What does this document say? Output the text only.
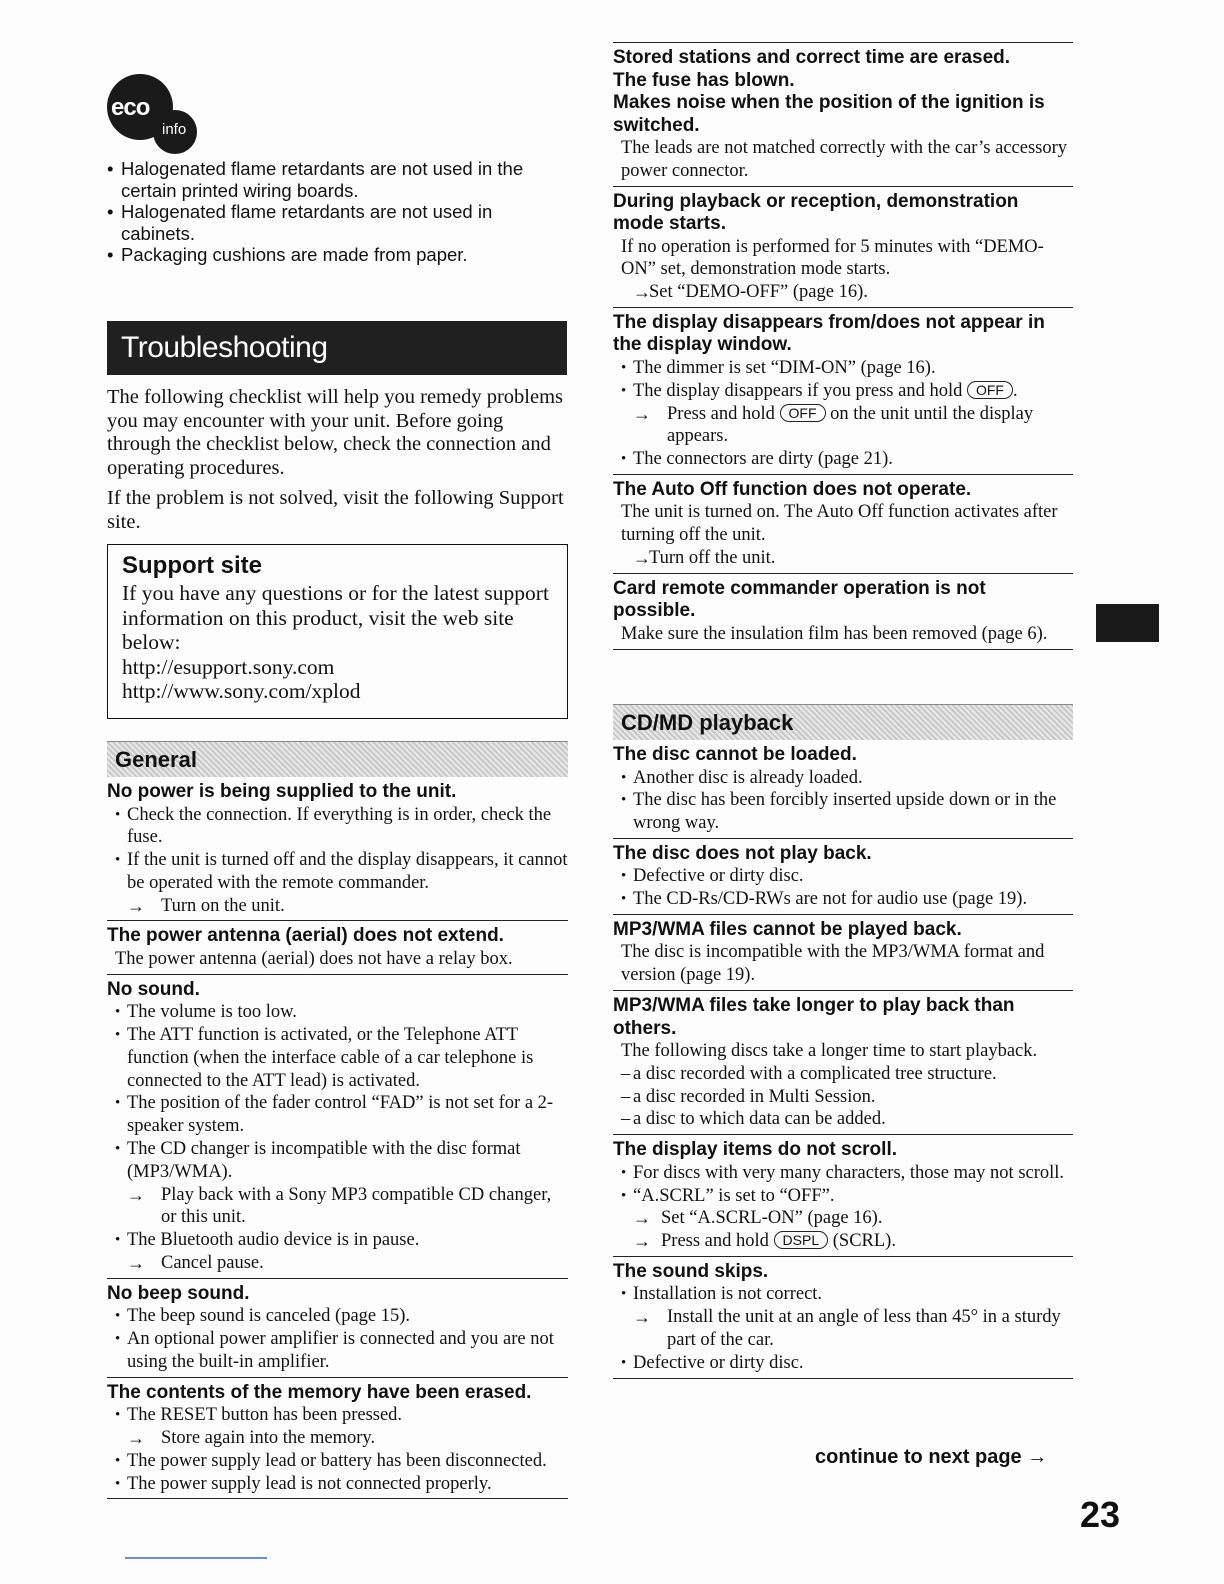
eco
info
• Halogenated flame retardants are not used in the certain printed wiring boards.
• Halogenated flame retardants are not used in cabinets.
• Packaging cushions are made from paper.
Troubleshooting

The following checklist will help you remedy problems you may encounter with your unit. Before going through the checklist below, check the connection and operating procedures.

If the problem is not solved, visit the following Support site.

Support site
If you have any questions or for the latest support information on this product, visit the web site below:
http://esupport.sony.com
http://www.sony.com/xplod
General
No power is being supplied to the unit.
• Check the connection. If everything is in order, check the fuse.
• If the unit is turned off and the display disappears, it cannot be operated with the remote commander.
→ Turn on the unit.
The power antenna (aerial) does not extend.
The power antenna (aerial) does not have a relay box.
No sound.
• The volume is too low.
• The ATT function is activated, or the Telephone ATT function (when the interface cable of a car telephone is connected to the ATT lead) is activated.
• The position of the fader control “FAD” is not set for a 2-speaker system.
• The CD changer is incompatible with the disc format (MP3/WMA).
→ Play back with a Sony MP3 compatible CD changer, or this unit.
• The Bluetooth audio device is in pause.
→ Cancel pause.
No beep sound.
• The beep sound is canceled (page 15).
• An optional power amplifier is connected and you are not using the built-in amplifier.
The contents of the memory have been erased.
• The RESET button has been pressed.
→ Store again into the memory.
• The power supply lead or battery has been disconnected.
• The power supply lead is not connected properly.
Stored stations and correct time are erased.
The fuse has blown.
Makes noise when the position of the ignition is switched.
The leads are not matched correctly with the car’s accessory power connector.
During playback or reception, demonstration mode starts.
If no operation is performed for 5 minutes with “DEMO-ON” set, demonstration mode starts.
→ Set “DEMO-OFF” (page 16).
The display disappears from/does not appear in the display window.
• The dimmer is set “DIM-ON” (page 16).
• The display disappears if you press and hold OFF .
→ Press and hold OFF on the unit until the display appears.
• The connectors are dirty (page 21).
The Auto Off function does not operate.
The unit is turned on. The Auto Off function activates after turning off the unit.
→ Turn off the unit.
Card remote commander operation is not possible.
Make sure the insulation film has been removed (page 6).
CD/MD playback
The disc cannot be loaded.
• Another disc is already loaded.
• The disc has been forcibly inserted upside down or in the wrong way.
The disc does not play back.
• Defective or dirty disc.
• The CD-Rs/CD-RWs are not for audio use (page 19).
MP3/WMA files cannot be played back.
The disc is incompatible with the MP3/WMA format and version (page 19).
MP3/WMA files take longer to play back than others.
The following discs take a longer time to start playback.
– a disc recorded with a complicated tree structure.
– a disc recorded in Multi Session.
– a disc to which data can be added.
The display items do not scroll.
• For discs with very many characters, those may not scroll.
• “A.SCRL” is set to “OFF”.
→ Set “A.SCRL-ON” (page 16).
→ Press and hold DSPL (SCRL).
The sound skips.
• Installation is not correct.
→ Install the unit at an angle of less than 45° in a sturdy part of the car.
• Defective or dirty disc.
continue to next page →
23
